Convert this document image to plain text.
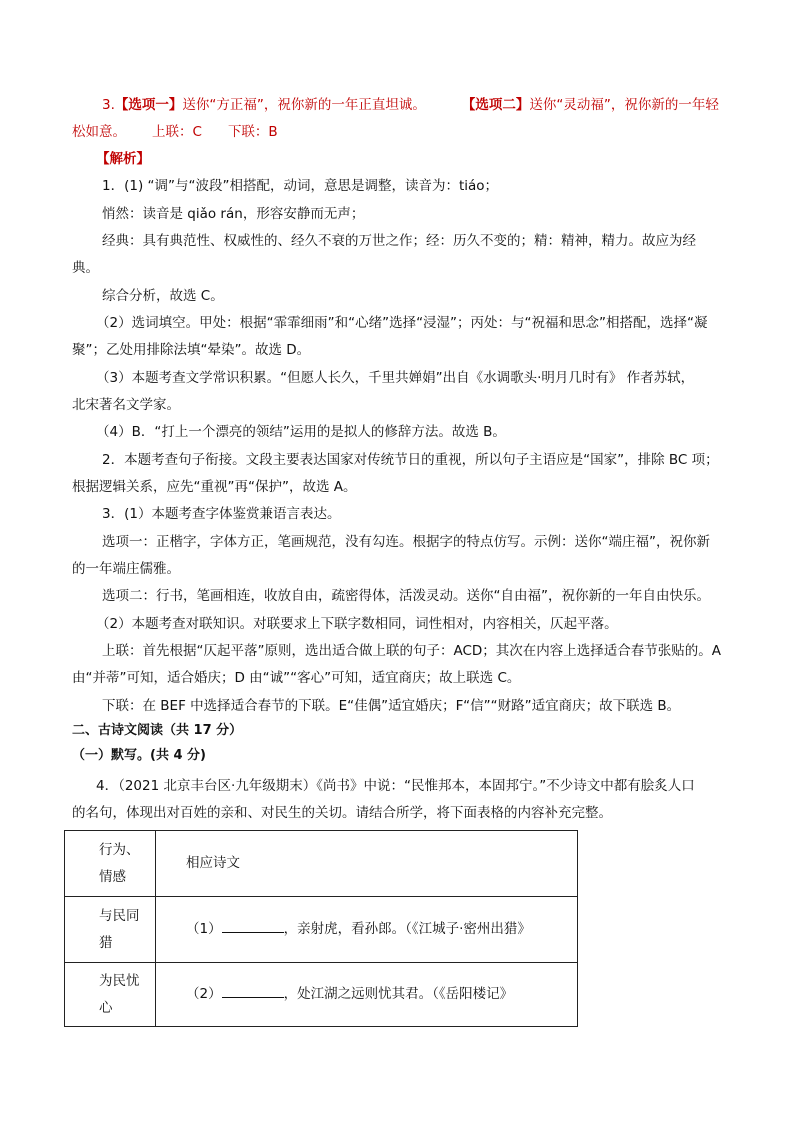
3.【选项一】送你“方正福”，祝你新的一年正直坦诚。	【选项二】送你“灵动福”，祝你新的一年轻
松如意。 上联：C 下联：B
【解析】
1．(1) “调”与“波段”相搭配，动词，意思是调整，读音为：tiáo；
悄然：读音是 qiǎo rán，形容安静而无声；
经典：具有典范性、权威性的、经久不衰的万世之作；经：历久不变的；精：精神，精力。故应为经
典。
综合分析，故选 C。
（2）选词填空。甲处：根据“霏霏细雨”和“心绪”选择“浸湿”；丙处：与“祝福和思念”相搭配，选择“凝
聚”；乙处用排除法填“晕染”。故选 D。
（3）本题考查文学常识积累。“但愿人长久，千里共婵娟”出自《水调歌头·明月几时有》 作者苏轼，
北宋著名文学家。
（4）B．“打上一个漂亮的领结”运用的是拟人的修辞方法。故选 B。
2．本题考查句子衔接。文段主要表达国家对传统节日的重视，所以句子主语应是“国家”，排除 BC 项；
根据逻辑关系，应先“重视”再“保护”，故选 A。
3．(1）本题考查字体鉴赏兼语言表达。
选项一：正楷字，字体方正，笔画规范，没有勾连。根据字的特点仿写。示例：送你“端庄福”，祝你新
的一年端庄儒雅。
选项二：行书，笔画相连，收放自由，疏密得体，活泼灵动。送你“自由福”，祝你新的一年自由快乐。
（2）本题考查对联知识。对联要求上下联字数相同，词性相对，内容相关，仄起平落。
上联：首先根据“仄起平落”原则，选出适合做上联的句子：ACD；其次在内容上选择适合春节张贴的。A
由“并蒂”可知，适合婚庆；D 由“诚”“客心”可知，适宜商庆；故上联选 C。
下联：在 BEF 中选择适合春节的下联。E“佳偶”适宜婚庆；F“信”“财路”适宜商庆；故下联选 B。
二、古诗文阅读（共 17 分）
（一）默写。(共 4 分)
4．（2021 北京丰台区·九年级期末）《尚书》中说：“民惟邦本，本固邦宁。”不少诗文中都有脍炙人口
的名句，体现出对百姓的亲和、对民生的关切。请结合所学，将下面表格的内容补充完整。
行为、情感	相应诗文

与民同猎	（1） ，亲射虎，看孙郎。（《江城子·密州出猎》

为民忧心	（2） ，处江湖之远则忧其君。（《岳阳楼记》
